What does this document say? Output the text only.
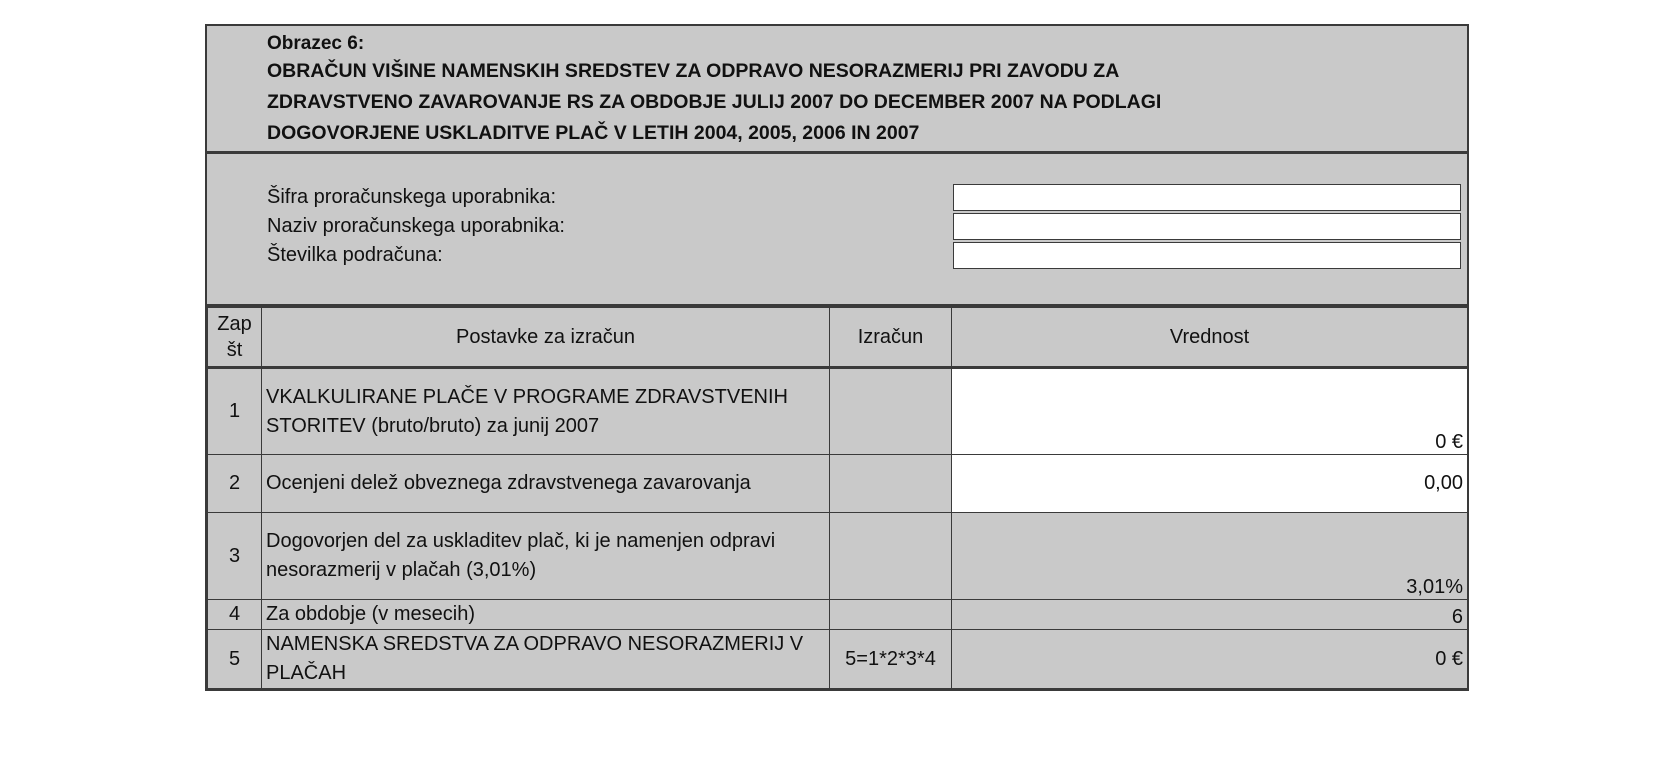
Obrazec 6:
OBRAČUN VIŠINE NAMENSKIH SREDSTEV ZA ODPRAVO NESORAZMERIJ PRI ZAVODU ZA
ZDRAVSTVENO ZAVAROVANJE RS ZA OBDOBJE JULIJ 2007 DO DECEMBER 2007 NA PODLAGI
DOGOVORJENE USKLADITVE PLAČ V LETIH 2004, 2005, 2006 IN 2007
Šifra proračunskega uporabnika:
Naziv proračunskega uporabnika:
Številka podračuna:
Zap št	Postavke za izračun	Izračun	Vrednost
1	VKALKULIRANE PLAČE V PROGRAME ZDRAVSTVENIH STORITEV (bruto/bruto) za junij 2007		0 €
2	Ocenjeni delež obveznega zdravstvenega zavarovanja		0,00
3	Dogovorjen del za uskladitev plač, ki je namenjen odpravi nesorazmerij v plačah (3,01%)		3,01%
4	Za obdobje (v mesecih)		6
5	NAMENSKA SREDSTVA ZA ODPRAVO NESORAZMERIJ V PLAČAH	5=1*2*3*4	0 €
